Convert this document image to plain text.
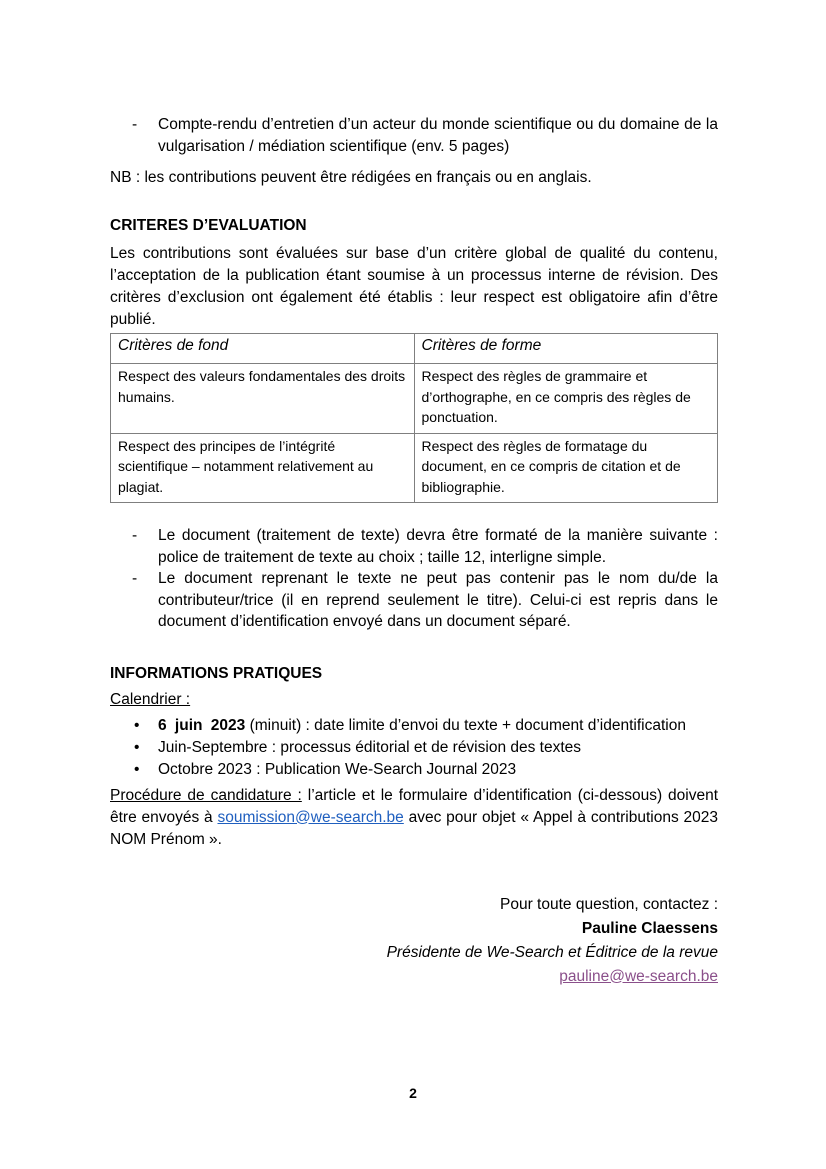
- Compte-rendu d’entretien d’un acteur du monde scientifique ou du domaine de la vulgarisation / médiation scientifique (env. 5 pages)

NB : les contributions peuvent être rédigées en français ou en anglais.

CRITERES D’EVALUATION

Les contributions sont évaluées sur base d’un critère global de qualité du contenu, l’acceptation de la publication étant soumise à un processus interne de révision. Des critères d’exclusion ont également été établis : leur respect est obligatoire afin d’être publié.

Critères de fond	Critères de forme
Respect des valeurs fondamentales des droits humains.	Respect des règles de grammaire et d’orthographe, en ce compris des règles de ponctuation.
Respect des principes de l’intégrité scientifique – notamment relativement au plagiat.	Respect des règles de formatage du document, en ce compris de citation et de bibliographie.
- Le document (traitement de texte) devra être formaté de la manière suivante : police de traitement de texte au choix ; taille 12, interligne simple.
- Le document reprenant le texte ne peut pas contenir pas le nom du/de la contributeur/trice (il en reprend seulement le titre). Celui-ci est repris dans le document d’identification envoyé dans un document séparé.

INFORMATIONS PRATIQUES

Calendrier :

• 6 juin 2023 (minuit) : date limite d’envoi du texte + document d’identification
• Juin-Septembre : processus éditorial et de révision des textes
• Octobre 2023 : Publication We-Search Journal 2023

Procédure de candidature : l’article et le formulaire d’identification (ci-dessous) doivent être envoyés à soumission@we-search.be avec pour objet « Appel à contributions 2023 NOM Prénom ».

Pour toute question, contactez :

Pauline Claessens

Présidente de We-Search et Éditrice de la revue

pauline@we-search.be

2
